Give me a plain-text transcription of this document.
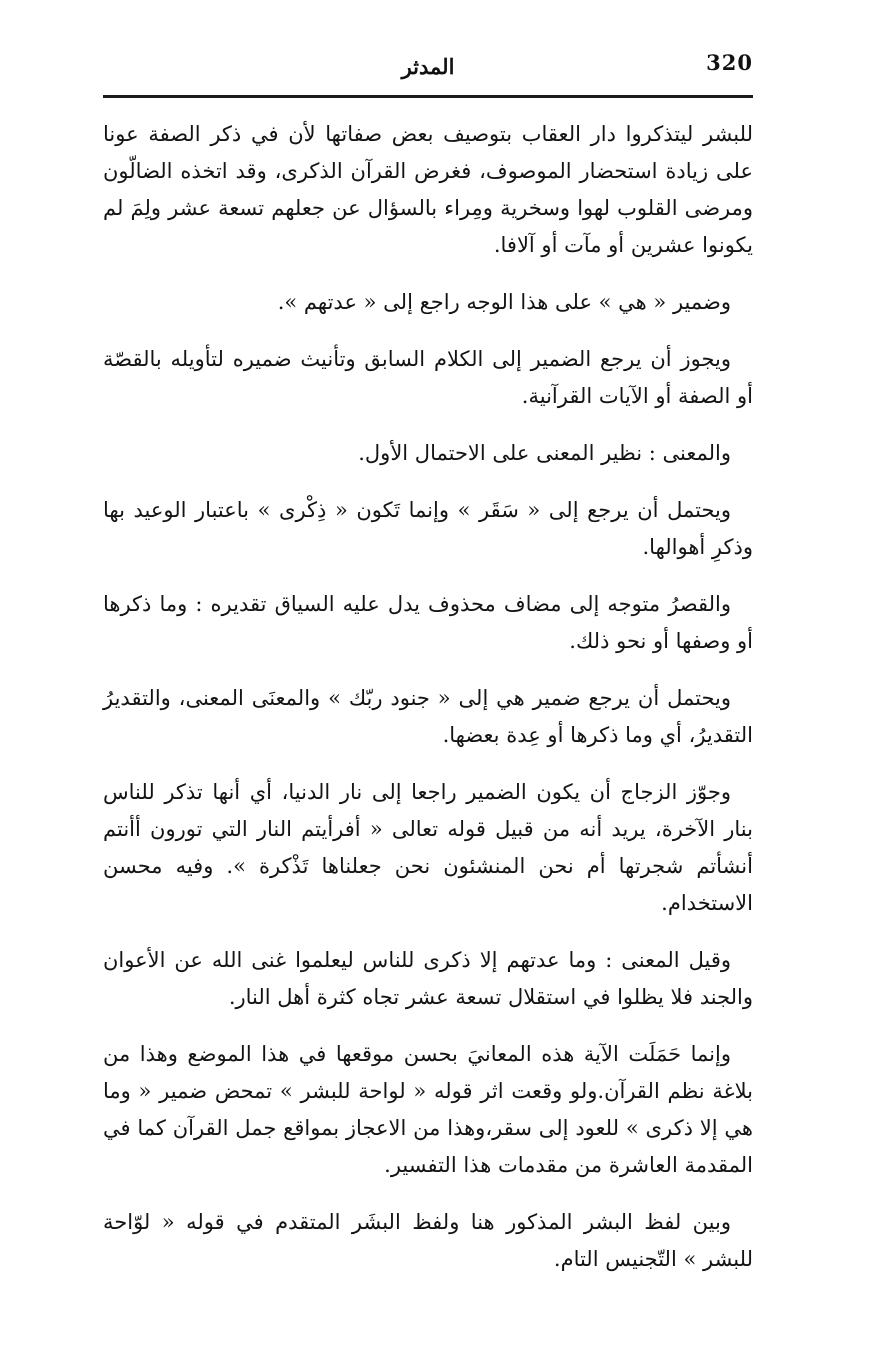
320
المدثر

للبشر ليتذكروا دار العقاب بتوصيف بعض صفاتها لأن في ذكر الصفة عونا على زيادة استحضار الموصوف، فغرض القرآن الذكرى، وقد اتخذه الضالّون ومرضى القلوب لهوا وسخرية ومِراء بالسؤال عن جعلهم تسعة عشر ولِمَ لم يكونوا عشرين أو مآت أو آلافا.

وضمير « هي » على هذا الوجه راجع إلى « عدتهم ».

ويجوز أن يرجع الضمير إلى الكلام السابق وتأنيث ضميره لتأويله بالقصّة أو الصفة أو الآيات القرآنية.

والمعنى : نظير المعنى على الاحتمال الأول.

ويحتمل أن يرجع إلى « سَقَر » وإنما تَكون « ذِكْرى » باعتبار الوعيد بها وذكرِ أهوالها.

والقصرُ متوجه إلى مضاف محذوف يدل عليه السياق تقديره : وما ذكرها أو وصفها أو نحو ذلك.

ويحتمل أن يرجع ضمير هي إلى « جنود ربّك » والمعنَى المعنى، والتقديرُ التقديرُ، أي وما ذكرها أو عِدة بعضها.

وجوّز الزجاج أن يكون الضمير راجعا إلى نار الدنيا، أي أنها تذكر للناس بنار الآخرة، يريد أنه من قبيل قوله تعالى « أفرأيتم النار التي تورون أأنتم أنشأتم شجرتها أم نحن المنشئون نحن جعلناها تَذْكرة ». وفيه محسن الاستخدام.

وقيل المعنى : وما عدتهم إلا ذكرى للناس ليعلموا غنى الله عن الأعوان والجند فلا يظلوا في استقلال تسعة عشر تجاه كثرة أهل النار.

وإنما حَمَلَت الآية هذه المعانيَ بحسن موقعها في هذا الموضع وهذا من بلاغة نظم القرآن.ولو وقعت اثر قوله « لواحة للبشر » تمحض ضمير « وما هي إلا ذكرى » للعود إلى سقر،وهذا من الاعجاز بمواقع جمل القرآن كما في المقدمة العاشرة من مقدمات هذا التفسير.

وبين لفظ البشر المذكور هنا ولفظ البشَر المتقدم في قوله « لوّاحة للبشر » التّجنيس التام.
